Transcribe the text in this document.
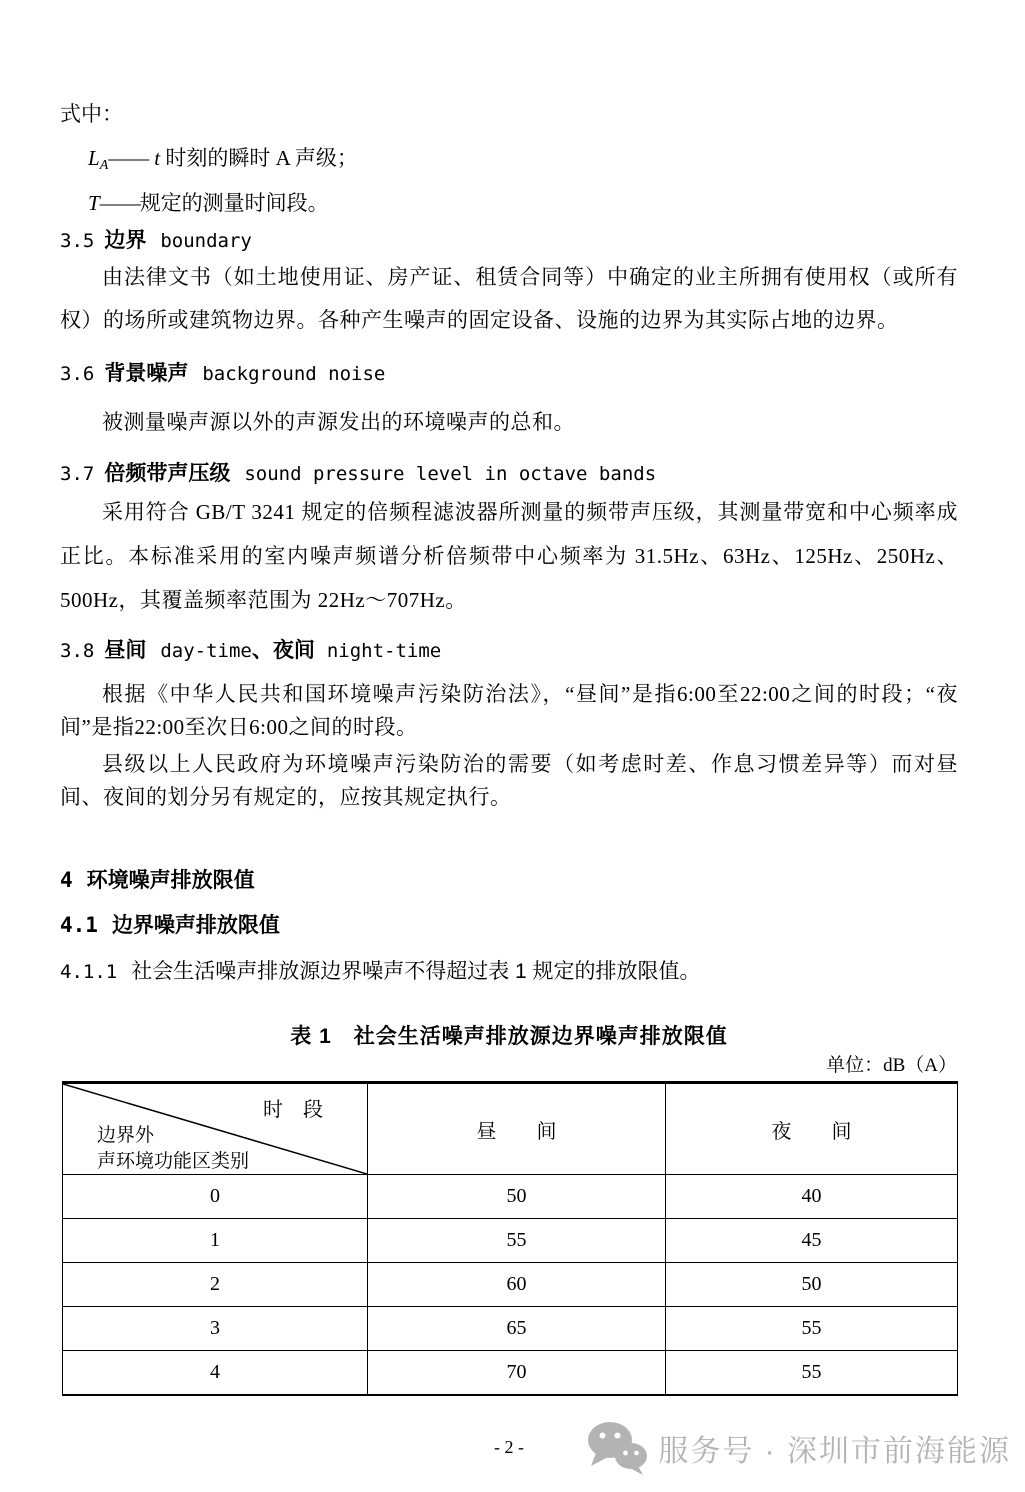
式中：
$L_A——$ t 时刻的瞬时 A 声级；
T——规定的测量时间段。
3.5 边界 boundary
由法律文书（如土地使用证、房产证、租赁合同等）中确定的业主所拥有使用权（或所有权）的场所或建筑物边界。各种产生噪声的固定设备、设施的边界为其实际占地的边界。
3.6 背景噪声 background noise
被测量噪声源以外的声源发出的环境噪声的总和。
3.7 倍频带声压级 sound pressure level in octave bands
采用符合 GB/T 3241 规定的倍频程滤波器所测量的频带声压级，其测量带宽和中心频率成正比。本标准采用的室内噪声频谱分析倍频带中心频率为 31.5Hz、63Hz、125Hz、250Hz、500Hz，其覆盖频率范围为 22Hz～707Hz。
3.8 昼间 day-time、夜间 night-time
根据《中华人民共和国环境噪声污染防治法》，“昼间”是指6:00至22:00之间的时段；“夜间”是指22:00至次日6:00之间的时段。
县级以上人民政府为环境噪声污染防治的需要（如考虑时差、作息习惯差异等）而对昼间、夜间的划分另有规定的，应按其规定执行。
4 环境噪声排放限值
4.1 边界噪声排放限值
4.1.1 社会生活噪声排放源边界噪声不得超过表 1 规定的排放限值。
表 1　社会生活噪声排放源边界噪声排放限值
单位：dB（A）
时　段
边界外
声环境功能区类别	昼　　间	夜　　间
0	50	40
1	55	45
2	60	50
3	65	55
4	70	55
- 2 -	服务号 · 深圳市前海能源
